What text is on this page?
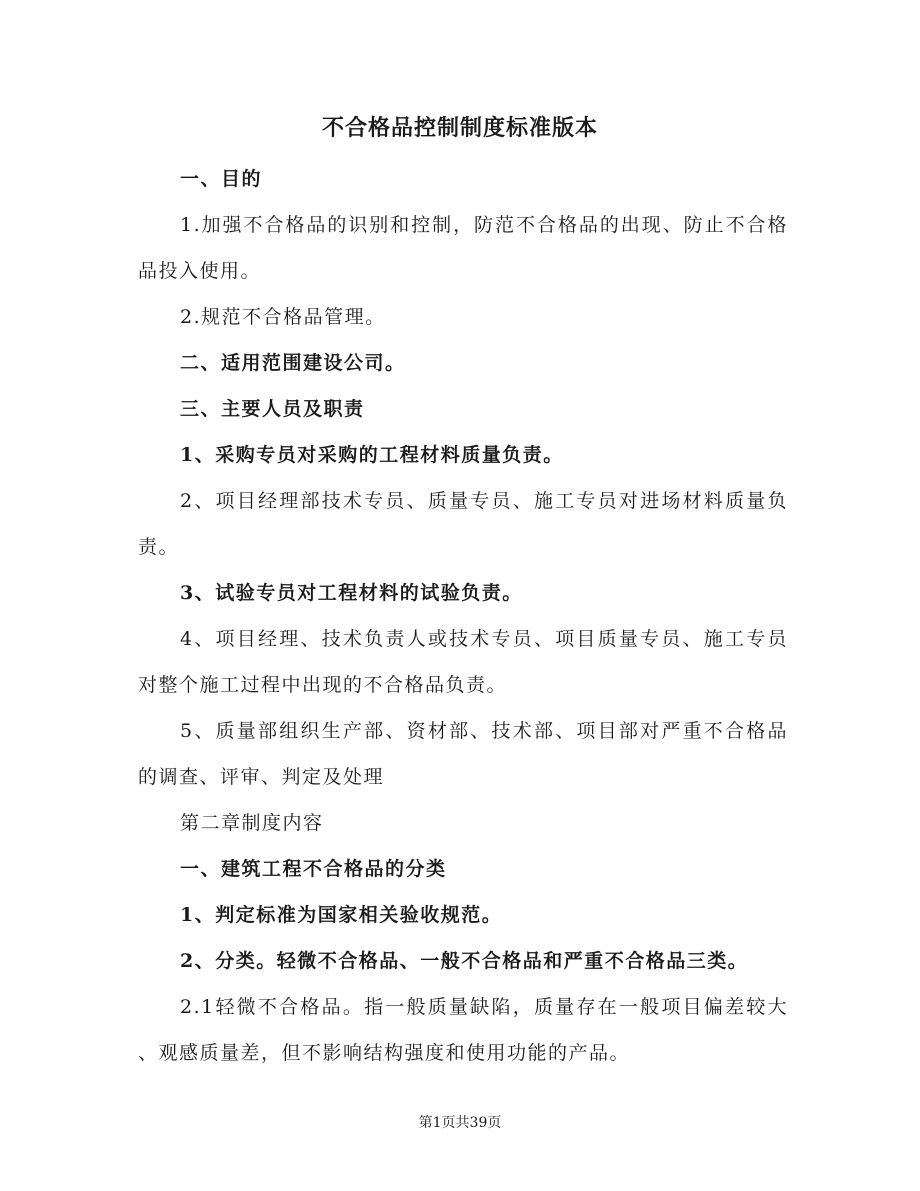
不合格品控制制度标准版本
一、目的
1.加强不合格品的识别和控制，防范不合格品的出现、防止不合格
品投入使用。
2.规范不合格品管理。
二、适用范围建设公司。
三、主要人员及职责
1、采购专员对采购的工程材料质量负责。
2、项目经理部技术专员、质量专员、施工专员对进场材料质量负
责。
3、试验专员对工程材料的试验负责。
4、项目经理、技术负责人或技术专员、项目质量专员、施工专员
对整个施工过程中出现的不合格品负责。
5、质量部组织生产部、资材部、技术部、项目部对严重不合格品
的调查、评审、判定及处理
第二章制度内容
一、建筑工程不合格品的分类
1、判定标准为国家相关验收规范。
2、分类。轻微不合格品、一般不合格品和严重不合格品三类。
2.1轻微不合格品。指一般质量缺陷，质量存在一般项目偏差较大
、观感质量差，但不影响结构强度和使用功能的产品。
第1页共39页
